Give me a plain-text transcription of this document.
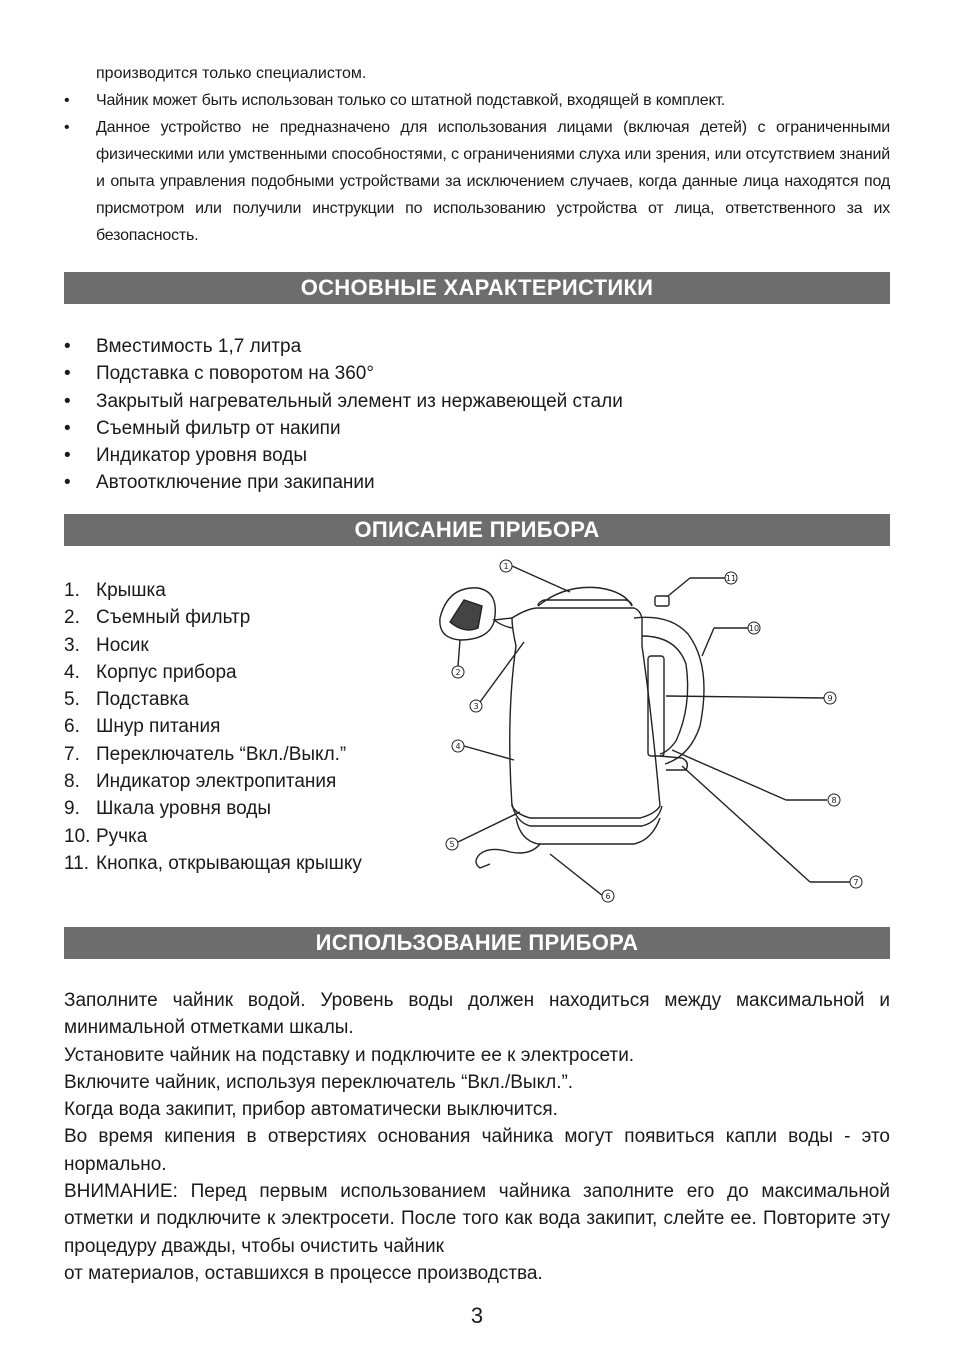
производится только специалистом.
•	Чайник может быть использован только со штатной подставкой, входящей в комплект.
•	Данное устройство не предназначено для использования лицами (включая детей) с ограниченными физическими или умственными способностями, с ограничениями слуха или зрения, или отсутствием знаний и опыта управления подобными устройствами за исключением случаев, когда данные лица находятся под присмотром или получили инструкции по использованию устройства от лица, ответственного за их безопасность.
ОСНОВНЫЕ ХАРАКТЕРИСТИКИ
•	Вместимость 1,7 литра
•	Подставка с поворотом на 360°
•	Закрытый нагревательный элемент из нержавеющей стали
•	Съемный фильтр от накипи
•	Индикатор уровня воды
•	Автоотключение при закипании
ОПИСАНИЕ ПРИБОРА
1. Крышка
2. Съемный фильтр
3. Носик
4. Корпус прибора
5. Подставка
6. Шнур питания
7. Переключатель “Вкл./Выкл.”
8. Индикатор электропитания
9. Шкала уровня воды
10. Ручка
11. Кнопка, открывающая крышку
1
2
3
4
5
6
7
8
9
10
11
ИСПОЛЬЗОВАНИЕ ПРИБОРА

Заполните чайник водой. Уровень воды должен находиться между максимальной и минимальной отметками шкалы.

Установите чайник на подставку и подключите ее к электросети.

Включите чайник, используя переключатель “Вкл./Выкл.”.

Когда вода закипит, прибор автоматически выключится.

Во время кипения в отверстиях основания чайника могут появиться капли воды - это нормально.

ВНИМАНИЕ: Перед первым использованием чайника заполните его до максимальной отметки и подключите к электросети. После того как вода закипит, слейте ее. Повторите эту процедуру дважды, чтобы очистить чайник

от материалов, оставшихся в процессе производства.

3
